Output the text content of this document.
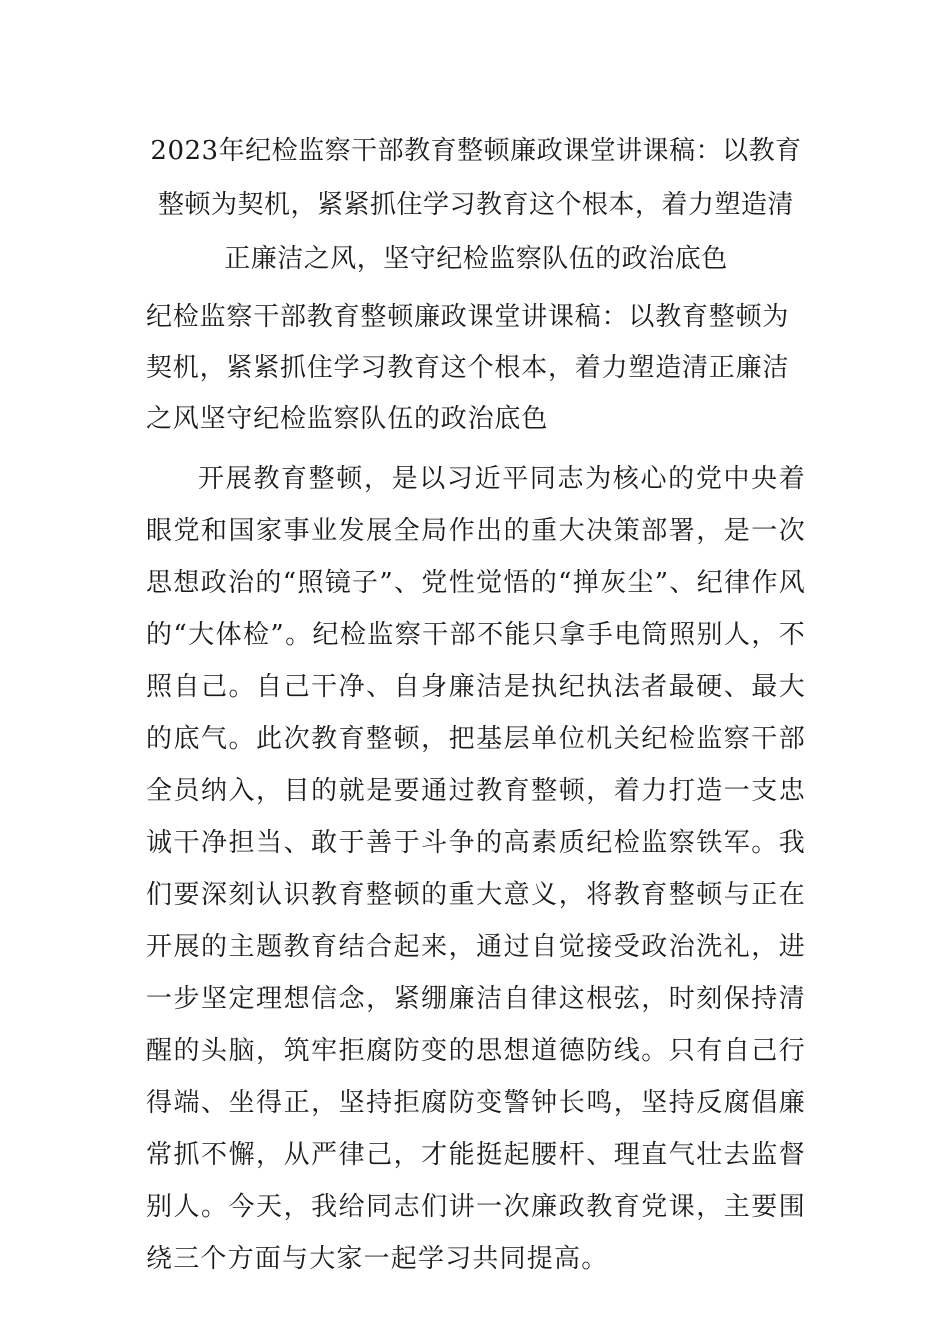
2023年纪检监察干部教育整顿廉政课堂讲课稿：以教育整顿为契机，紧紧抓住学习教育这个根本，着力塑造清正廉洁之风，坚守纪检监察队伍的政治底色

纪检监察干部教育整顿廉政课堂讲课稿：以教育整顿为契机，紧紧抓住学习教育这个根本，着力塑造清正廉洁之风坚守纪检监察队伍的政治底色

开展教育整顿，是以习近平同志为核心的党中央着眼党和国家事业发展全局作出的重大决策部署，是一次思想政治的“照镜子”、党性觉悟的“掸灰尘”、纪律作风的“大体检”。纪检监察干部不能只拿手电筒照别人，不照自己。自己干净、自身廉洁是执纪执法者最硬、最大的底气。此次教育整顿，把基层单位机关纪检监察干部全员纳入，目的就是要通过教育整顿，着力打造一支忠诚干净担当、敢于善于斗争的高素质纪检监察铁军。我们要深刻认识教育整顿的重大意义，将教育整顿与正在开展的主题教育结合起来，通过自觉接受政治洗礼，进一步坚定理想信念，紧绷廉洁自律这根弦，时刻保持清醒的头脑，筑牢拒腐防变的思想道德防线。只有自己行得端、坐得正，坚持拒腐防变警钟长鸣，坚持反腐倡廉常抓不懈，从严律己，才能挺起腰杆、理直气壮去监督别人。今天，我给同志们讲一次廉政教育党课，主要围绕三个方面与大家一起学习共同提高。
